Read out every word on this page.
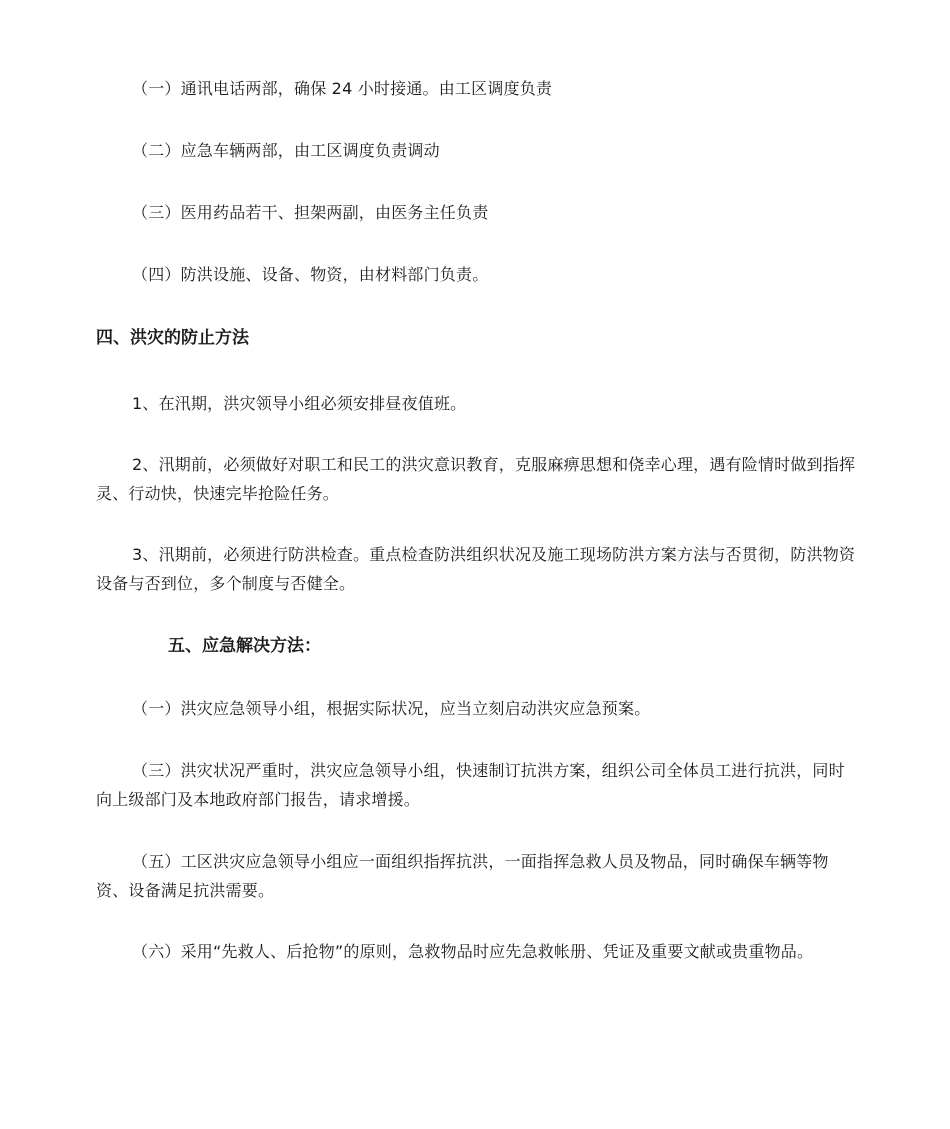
（一）通讯电话两部，确保 24 小时接通。由工区调度负责

（二）应急车辆两部，由工区调度负责调动

（三）医用药品若干、担架两副，由医务主任负责

（四）防洪设施、设备、物资，由材料部门负责。

四、洪灾的防止方法

1、在汛期，洪灾领导小组必须安排昼夜值班。

2、汛期前，必须做好对职工和民工的洪灾意识教育，克服麻痹思想和侥幸心理，遇有险情时做到指挥灵、行动快，快速完毕抢险任务。

3、汛期前，必须进行防洪检查。重点检查防洪组织状况及施工现场防洪方案方法与否贯彻，防洪物资设备与否到位，多个制度与否健全。

五、应急解决方法：

（一）洪灾应急领导小组，根据实际状况，应当立刻启动洪灾应急预案。

（三）洪灾状况严重时，洪灾应急领导小组，快速制订抗洪方案，组织公司全体员工进行抗洪，同时向上级部门及本地政府部门报告，请求增援。

（五）工区洪灾应急领导小组应一面组织指挥抗洪，一面指挥急救人员及物品，同时确保车辆等物资、设备满足抗洪需要。

（六）采用“先救人、后抢物”的原则，急救物品时应先急救帐册、凭证及重要文献或贵重物品。
